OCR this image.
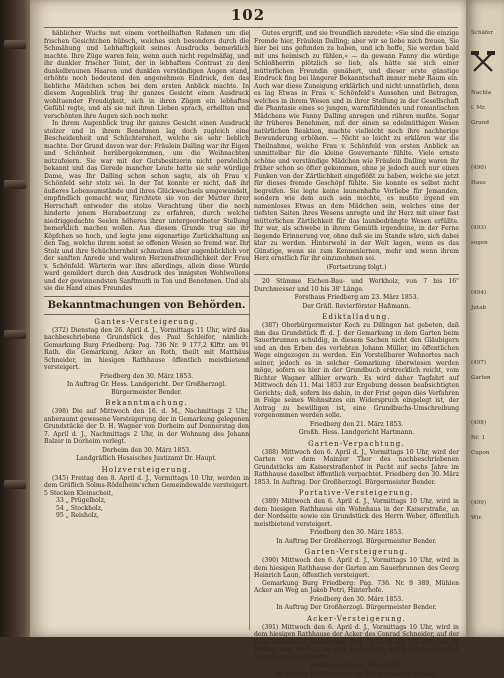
102

häblicher Wuchs nut einem vortheilhaften Rahmen um die frischen Gesichtchen hübsch, welches sich besonders durch die Schmähung und Lebhaftigkeit seines Ausdrucks bemerklich machte. Ihre Züge waren fein, wenn auch nicht regelmäßig, und ihr dunkler frischer Teint, der in lebhaftem Contrast zu den dunkelbraunen Haaren und dunklen verständigen Augen stand, erhöhte noch bedeutend den angenehmen Eindruck, den das liebliche Mädchen schon bei dem ersten Anblick machte. In diesem Augenblick trug ihr ganzes Gesicht einen Ausdruck wohltuender Freudigkeit, sich in ihren Zügen ein lebhaftes Gefühl regte, und als sie mit ihren Lieben sprach, erhellten und verschönten ihre Augen sich noch mehr.

In ihrem Augenblick trug ihr ganzes Gesicht einen Ausdruck stolzer und in ihrem Benehmen lag doch zugleich eine Bescheidenheit und Schüchternheit, welche sie sehr lieblich machte. Der Grund davon war der: Fräulein Dalling war ihr Eigen und Schönheit herübergekommen, um die Weihnachten mitzufeiern. Sie war mit der Gutsbesitzerin nicht persönlich bekannt und das Gerede mancher Leute hatte sie sehr würdige Dame, was Ihr Dalling schon schon sagte, als ob Frau v. Schönfeld sehr stolz sei. In der Tat konnte er nicht, daß ihr äußeres Lebensumstände und ihres Glückwechsels umgewandelt, empfindlich gemacht war, fürchtete sie von der Mutter ihrer Herrschaft entweder die stolze Verachtung über die noch hinderte jenem Herabsetzung zu erfahren, durch welche niedriggedachte Seelen höheres ihrer untergeordneter Stellung bemerklich machen wollen. Aus diesem Grunde trug sie ihr Köpfchen so hoch, und legte jene eigenartige Zurückhaltung an den Tag, welche ihrem sonst so offenen Wesen so fremd war. Ihr Stolz und ihre Schüchternheit schmolzen aber augenblicklich vor der sanften Anrede und wahren Herzensfreundlichkeit der Frau v. Schönfeld. Wärterin war ihre allerdings, allein diese Würde ward gemildert durch den Ausdruck des innigsten Wohlwollens und der gewinnendsten Sanftmuth in Ton und Benehmen. Und als sie die Hand eines Freundes

Bekanntmachungen von Behörden.
Gantes-Versteigerung.

(372) Dienstag den 26. April d. J., Vormittags 11 Uhr, wird das nachbeschriebene Grundstück des Paul Schleifer, nämlich: Gemarkung Burg Friedberg: Pag. 736 Nr. 9 177,2 Klftr. am 91 Rath. die Gemarkung, Acker an Roth, theilt mit Matthäus Schneider, im hiesigen Rathhause öffentlich meistbietend versteigert.

Friedberg den 30. März 1853.

In Auftrag Gr. Hess. Landgericht. Der Großherzogl. Bürgermeister Bender.

Bekanntmachung.

(398) Die auf Mittwoch den 16. d. M., Nachmittags 2 Uhr, anberaumt gewesene Versteigerung der in Gemarkung gelegenen Grundstücke der D. H. Wagner von Dorheim auf Donnerstag den 7. April d. J., Nachmittags 2 Uhr, in der Wohnung des Johann Balzer in Dorheim verlegt.

Dorheim den 30. März 1853.

Landgräflich Hessisches Justizamt Dr. Haupt.

Holzversteigerung.

(345) Freitag den 8. April d. J., Vormittags 10 Uhr, werden in dem Gräflich Solms-Rödelheim'schen Gemeindewalde versteigert: 5 Stecken Kleinscheit,

33 „ Prügelholz,

54 „ Stockholz,

95 „ Reisholz,

Gutes ergriff, und sie freundlich anredete: »Sie sind die einzige Fremde hier, Fräulein Dalling; aber wir so liebe mich freuen, Sie hier bei uns gefunden zu haben, und ich hoffe, Sie werden bald mit uns heimisch zu fühlen,« — da gewann Fanny die würdige Schloßherrin plötzlich so lieb, als hätte sie sich einer mütterlichen Freundin genähert, und dieser erste günstige Eindruck fing bei längerer Bekanntschaft immer mehr Raum ein. Auch war diese Zuneigung erklärlich und nicht unnatürlich, denn es lag Etwas in Frau v. Schönfeld's Aussehen und Betragen, welches in ihrem Wesen und in ihrer Stellung in der Gesellschaft die Phantasie eines so jungen, warmfühlenden und romantischen Mädchens wie Fanny Dalling anregen und rühren mußte. Sogar ihr früheres Benehmen, mit der einen so edelmüthigen Wesen natürlichen Reaktion, machte vielleicht noch ihre nachherige Bewunderung erhöhen. — Nicht so leicht zu erklären war die Theilnahme, welche Frau v. Schönfeld von ersten Anblick an unmittelbar für die kleine Gouvernante fühlte. Viele ernste schöne und verständige Mädchen wie Fräulein Dalling waren ihr früher schon so öfter gekommen, ohne je jedoch auch nur einen Funken von der Zärtlichkeit eingeflößt zu haben, welche sie jetzt für dieses fremde Geschöpf fühlte. Sie konnte es selbst nicht begreifen. Sie legte keine launenhafte Vorliebe für Jemanden, sondern wie dem auch sein mochte, es mußte irgend ein namenloses Etwas an dem Mädchen sein, welches eine der tiefsten Saiten ihres Wesens anregte und ihr Herz mit einer fast mütterlichen Zärtlichkeit für das launbedrängte Wesen erfüllte. Ihr war, als schwebe in ihrem Gemüth irgendeine, in der Ferne liegende Erinnerung vor, ohne daß sie im Stande wäre, sich dabei klar zu werden. Hinterwohl in der Welt lagen, wenn es das Günstige, wenn sie zum Kennenlernen, mehr und wenn ihrem Herz ernstlich für ihr einzunehmen sei.

(Fortsetzung folgt.)

20 Stämme Eichen-Bau- und Werkholz, von 7 bis 16" Durchmesser und 10 bis 38' Länge.

Forsthaus Friedberg am 23. März 1853.

Der Gräfl. Revierförster Haßmann.

Ediktalladung.

(387) Oberbürgermeister Koch zu Dillingen hat gebeten, daß ihm das Grundstück ff. d. J. der Gemarkung in dem Garten beim Sauerbrunnen schuldig, in diesem Sachen nicht den Gläubigern und an den Erben des verlebten Johann Müller, im öffentlichen Wege eingezogen zu werden. Ein Vorstellbarer Wohnortes nach seiner, jedoch es in solcher Gemarkung überwiesen werden möge, sofern es hier in der Grundbuch erstrecklich reicht, vom Richter Wagner allhier erwarb. Es wird daher Tagfahrt auf Mittwoch den 11. Mai 1853 zur Ergebung dessen beabsichtigten Gerichts; daß, sofern bis dahin, in der Frist gegen dies Verfahren in Folge seines Wohnsitzes ein Widerspruch eingelegt ist, der Antrag zu bewilligen ist, eine Grundbuchs-Umschreibung vorgenommen werden solle.

Friedberg den 21. März 1853.

Großh. Hess. Landgericht Hartmann.

Garten-Verpachtung.

(388) Mittwoch den 6. April d. J., Vormittags 10 Uhr, wird der Garten vor dem Mainzer Thor des nachbeschriebenen Grundstücks am Kaiserstraßenhof in Pacht auf sechs Jahre im Rathhause daselbst öffentlich verpachtet. Friedberg den 30. März 1853. In Auftrag. Der Großherzogl. Bürgermeister Bender.

Portative-Versteigerung.

(389) Mittwoch den 6. April d. J., Vormittags 10 Uhr, wird in dem hiesigen Rathhause ein Wohnhaus in der Kaiserstraße, an der Nordseite sowie ein Grundstück des Herrn Weber, öffentlich meistbietend versteigert.

Friedberg den 30. März 1853.

In Auftrag Der Großherzogl. Bürgermeister Bender.

Garten-Versteigerung.

(390) Mittwoch den 6. April d. J., Vormittags 10 Uhr, wird in dem hiesigen Rathhause der Garten am Sauerbrunnen des Georg Heinrich Laun, öffentlich versteigert.

Gemarkung Burg Friedberg: Pag. 736. Nr. 9 389, Mühlen Acker am Weg an Jakob Petri, Hinterhofe.

Friedberg den 30. März 1853.

In Auftrag Der Großherzogl. Bürgermeister Bender.

Acker-Versteigerung.

(391) Mittwoch den 6. April d. J., Vormittags 10 Uhr, wird in dem hiesigen Rathhause der Acker des Conrad Schneider, auf der Ober-Wöllstädter Gemarkung, Pag. 73 Nr. 4 auf 153 Klftr. am 68 Ruthen und 40 Fuß im Flur Liebschütz, auf 6 Jahre öffentlich meistbietend verpachtet.

Friedberg den 30. März 1853.

In Auftrag Der Großherzogl. Bürgermeister Bender.

Schäfer
Nachla
l. Mr.
Grund
(490)
Haus
(493)
sogen
(494)
Jutab
(497)
Garten
(498)
Nr. 1
Cupon
(499)
Wir.
